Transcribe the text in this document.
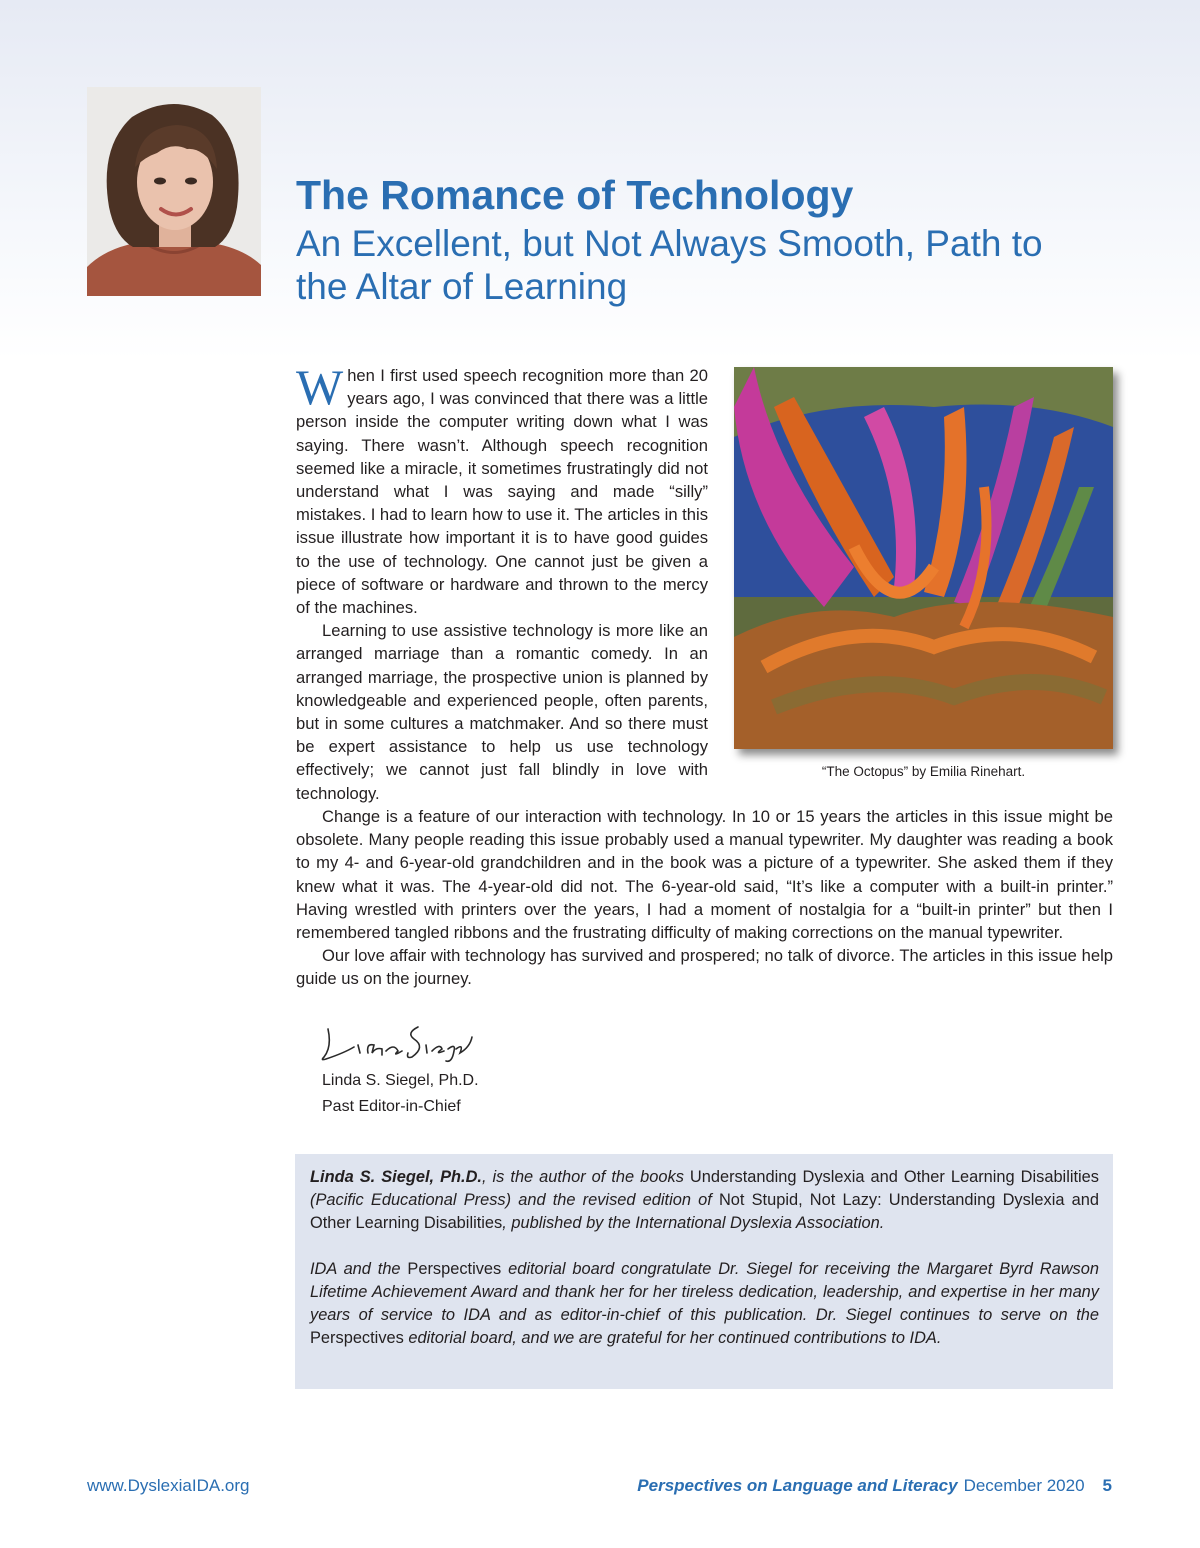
The Romance of Technology
An Excellent, but Not Always Smooth, Path to the Altar of Learning

When I first used speech recognition more than 20 years ago, I was convinced that there was a little person inside the computer writing down what I was saying. There wasn’t. Although speech recognition seemed like a miracle, it sometimes frustratingly did not understand what I was saying and made “silly” mistakes. I had to learn how to use it. The articles in this issue illustrate how important it is to have good guides to the use of technology. One cannot just be given a piece of software or hardware and thrown to the mercy of the machines.

Learning to use assistive technology is more like an arranged marriage than a romantic comedy. In an arranged marriage, the prospective union is planned by knowledgeable and experienced people, often parents, but in some cultures a matchmaker. And so there must be expert assistance to help us use technology effectively; we cannot just fall blindly in love with technology.

“The Octopus” by Emilia Rinehart.

Change is a feature of our interaction with technology. In 10 or 15 years the articles in this issue might be obsolete. Many people reading this issue probably used a manual typewriter. My daughter was reading a book to my 4- and 6-year-old grandchildren and in the book was a picture of a typewriter. She asked them if they knew what it was. The 4-year-old did not. The 6-year-old said, “It’s like a computer with a built-in printer.” Having wrestled with printers over the years, I had a moment of nostalgia for a “built-in printer” but then I remembered tangled ribbons and the frustrating difficulty of making corrections on the manual typewriter.

Our love affair with technology has survived and prospered; no talk of divorce. The articles in this issue help guide us on the journey.

Linda S. Siegel, Ph.D.

Past Editor-in-Chief

Linda S. Siegel, Ph.D., is the author of the books Understanding Dyslexia and Other Learning Disabilities (Pacific Educational Press) and the revised edition of Not Stupid, Not Lazy: Understanding Dyslexia and Other Learning Disabilities, published by the International Dyslexia Association.

IDA and the Perspectives editorial board congratulate Dr. Siegel for receiving the Margaret Byrd Rawson Lifetime Achievement Award and thank her for her tireless dedication, leadership, and expertise in her many years of service to IDA and as editor-in-chief of this publication. Dr. Siegel continues to serve on the Perspectives editorial board, and we are grateful for her continued contributions to IDA.

www.DyslexiaIDA.org	Perspectives on Language and Literacy December 2020 5
